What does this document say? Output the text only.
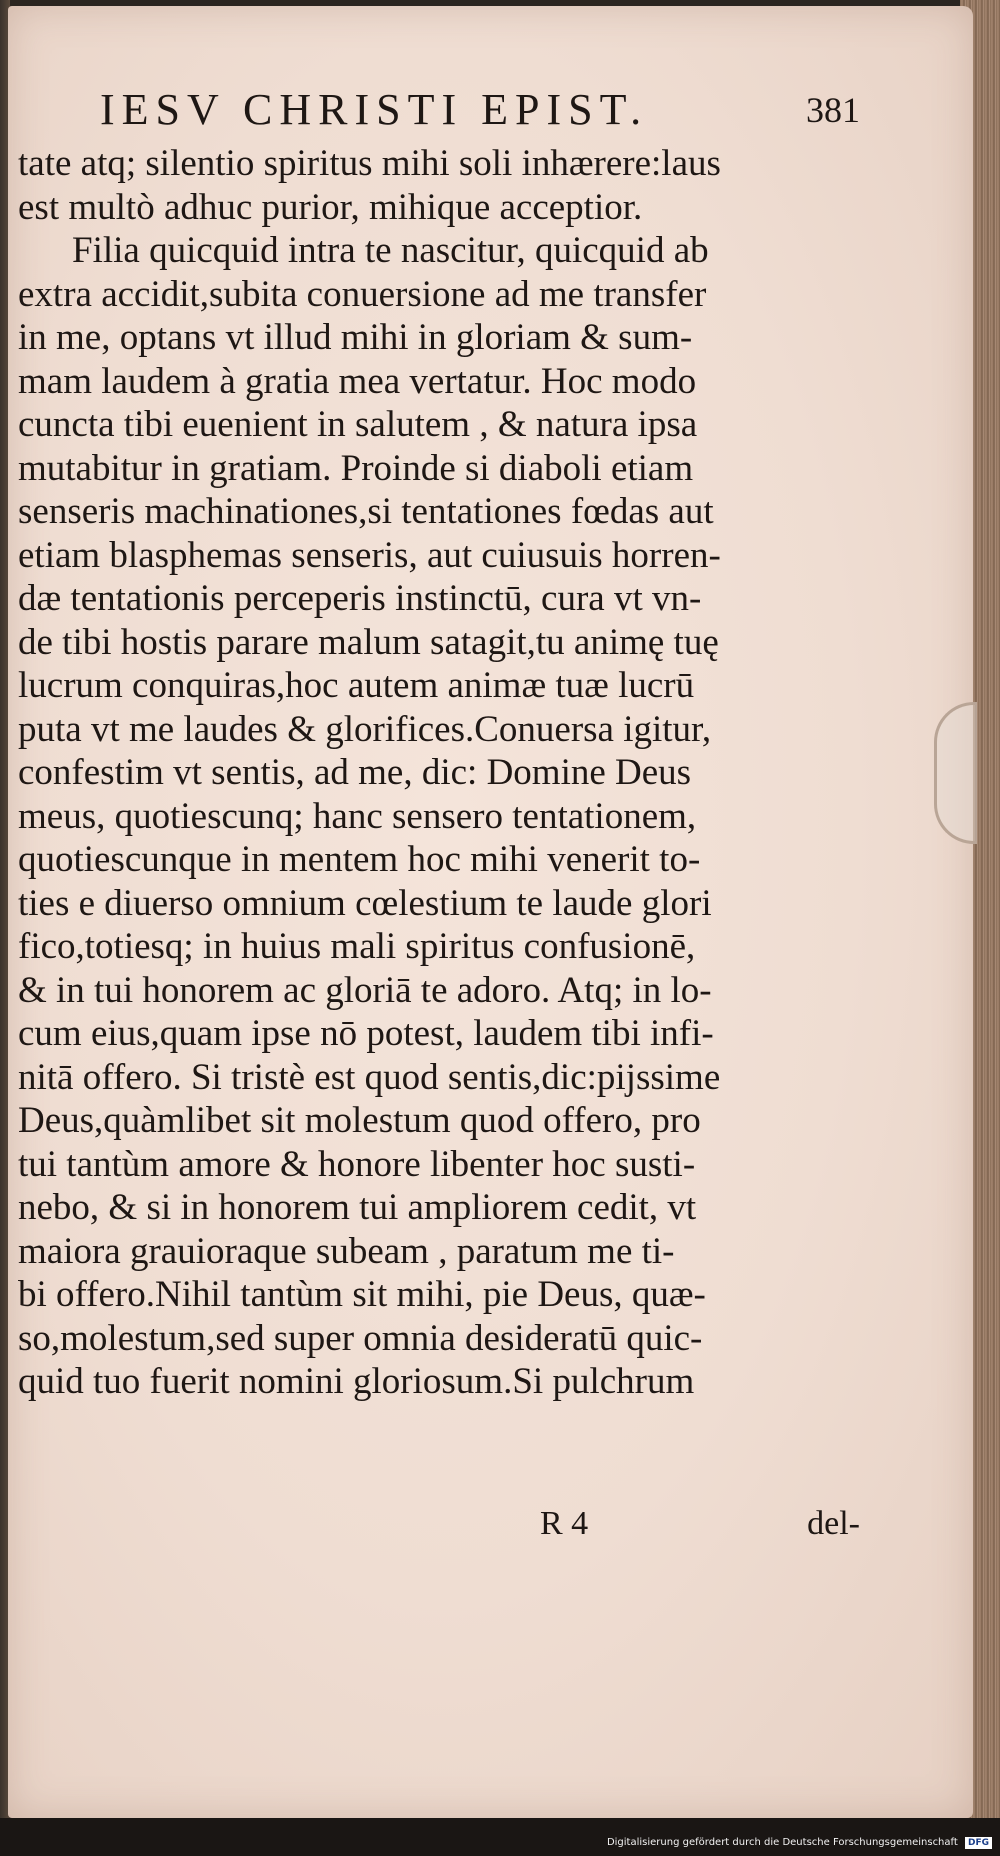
IESV CHRISTI EPIST.	381
tate atq; silentio spiritus mihi soli inhærere:laus
est multò adhuc purior, mihique acceptior.
Filia quicquid intra te nascitur, quicquid ab
extra accidit,subita conuersione ad me transfer
in me, optans vt illud mihi in gloriam & sum-
mam laudem à gratia mea vertatur. Hoc modo
cuncta tibi euenient in salutem , & natura ipsa
mutabitur in gratiam. Proinde si diaboli etiam
senseris machinationes,si tentationes fœdas aut
etiam blasphemas senseris, aut cuiusuis horren-
dæ tentationis perceperis instinctū, cura vt vn-
de tibi hostis parare malum satagit,tu animę tuę
lucrum conquiras,hoc autem animæ tuæ lucrū
puta vt me laudes & glorifices.Conuersa igitur,
confestim vt sentis, ad me, dic: Domine Deus
meus, quotiescunq; hanc sensero tentationem,
quotiescunque in mentem hoc mihi venerit to-
ties e diuerso omnium cœlestium te laude glori
fico,totiesq; in huius mali spiritus confusionē,
& in tui honorem ac gloriā te adoro. Atq; in lo-
cum eius,quam ipse nō potest, laudem tibi infi-
nitā offero. Si tristè est quod sentis,dic:pijssime
Deus,quàmlibet sit molestum quod offero, pro
tui tantùm amore & honore libenter hoc susti-
nebo, & si in honorem tui ampliorem cedit, vt
maiora grauioraque subeam , paratum me ti-
bi offero.Nihil tantùm sit mihi, pie Deus, quæ-
so,molestum,sed super omnia desideratū quic-
quid tuo fuerit nomini gloriosum.Si pulchrum
R 4	del-
Digitalisierung gefördert durch die Deutsche Forschungsgemeinschaft DFG
